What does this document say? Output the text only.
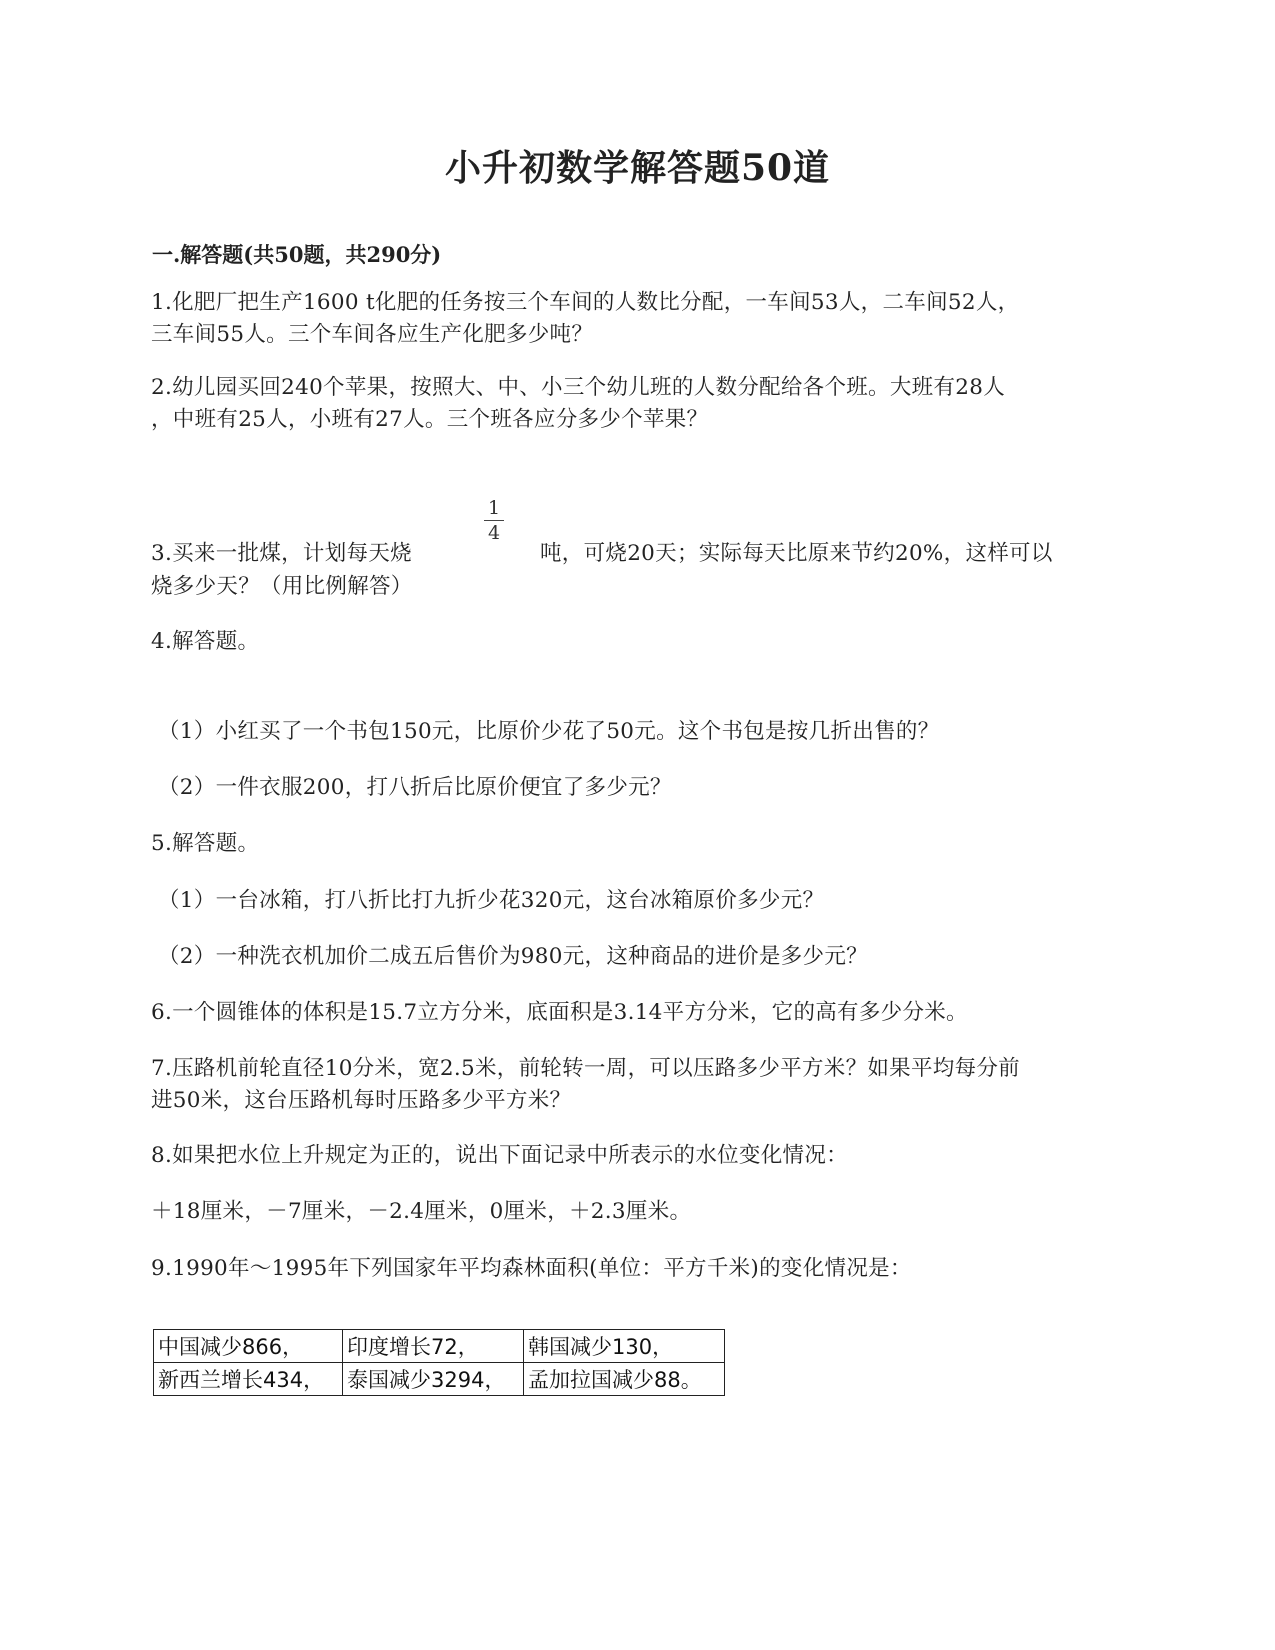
小升初数学解答题50道
一.解答题(共50题，共290分)
1.化肥厂把生产1600 t化肥的任务按三个车间的人数比分配，一车间53人，二车间52人，
三车间55人。三个车间各应生产化肥多少吨？
2.幼儿园买回240个苹果，按照大、中、小三个幼儿班的人数分配给各个班。大班有28人
，中班有25人，小班有27人。三个班各应分多少个苹果？
3.买来一批煤，计划每天烧
1
4
吨，可烧20天；实际每天比原来节约20%，这样可以
烧多少天？（用比例解答）
4.解答题。
（1）小红买了一个书包150元，比原价少花了50元。这个书包是按几折出售的？
（2）一件衣服200，打八折后比原价便宜了多少元？
5.解答题。
（1）一台冰箱，打八折比打九折少花320元，这台冰箱原价多少元？
（2）一种洗衣机加价二成五后售价为980元，这种商品的进价是多少元？
6.一个圆锥体的体积是15.7立方分米，底面积是3.14平方分米，它的高有多少分米。
7.压路机前轮直径10分米，宽2.5米，前轮转一周，可以压路多少平方米？如果平均每分前
进50米，这台压路机每时压路多少平方米？
8.如果把水位上升规定为正的，说出下面记录中所表示的水位变化情况：
＋18厘米，－7厘米，－2.4厘米，0厘米，＋2.3厘米。
9.1990年～1995年下列国家年平均森林面积(单位：平方千米)的变化情况是：
中国减少866，	印度增长72，	韩国减少130，
新西兰增长434，	泰国减少3294，	孟加拉国减少88。
